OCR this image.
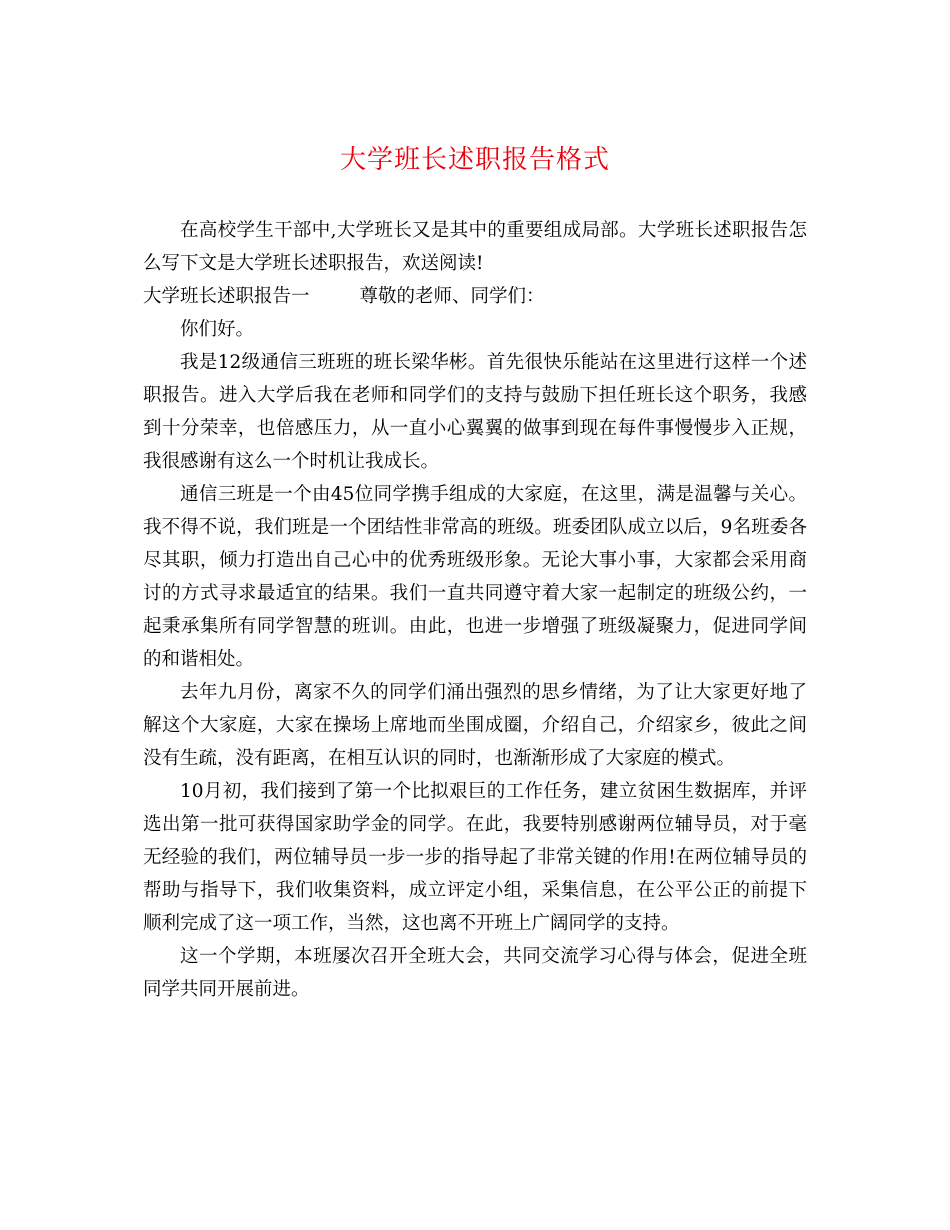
大学班长述职报告格式

在高校学生干部中,大学班长又是其中的重要组成局部。大学班长述职报告怎么写下文是大学班长述职报告，欢送阅读!

大学班长述职报告一	尊敬的老师、同学们：

你们好。

我是12级通信三班班的班长梁华彬。首先很快乐能站在这里进行这样一个述职报告。进入大学后我在老师和同学们的支持与鼓励下担任班长这个职务，我感到十分荣幸，也倍感压力，从一直小心翼翼的做事到现在每件事慢慢步入正规，我很感谢有这么一个时机让我成长。

通信三班是一个由45位同学携手组成的大家庭，在这里，满是温馨与关心。我不得不说，我们班是一个团结性非常高的班级。班委团队成立以后，9名班委各尽其职，倾力打造出自己心中的优秀班级形象。无论大事小事，大家都会采用商讨的方式寻求最适宜的结果。我们一直共同遵守着大家一起制定的班级公约，一起秉承集所有同学智慧的班训。由此，也进一步增强了班级凝聚力，促进同学间的和谐相处。

去年九月份，离家不久的同学们涌出强烈的思乡情绪，为了让大家更好地了解这个大家庭，大家在操场上席地而坐围成圈，介绍自己，介绍家乡，彼此之间没有生疏，没有距离，在相互认识的同时，也渐渐形成了大家庭的模式。

10月初，我们接到了第一个比拟艰巨的工作任务，建立贫困生数据库，并评选出第一批可获得国家助学金的同学。在此，我要特别感谢两位辅导员，对于毫无经验的我们，两位辅导员一步一步的指导起了非常关键的作用!在两位辅导员的帮助与指导下，我们收集资料，成立评定小组，采集信息，在公平公正的前提下顺利完成了这一项工作，当然，这也离不开班上广阔同学的支持。

这一个学期，本班屡次召开全班大会，共同交流学习心得与体会，促进全班同学共同开展前进。
